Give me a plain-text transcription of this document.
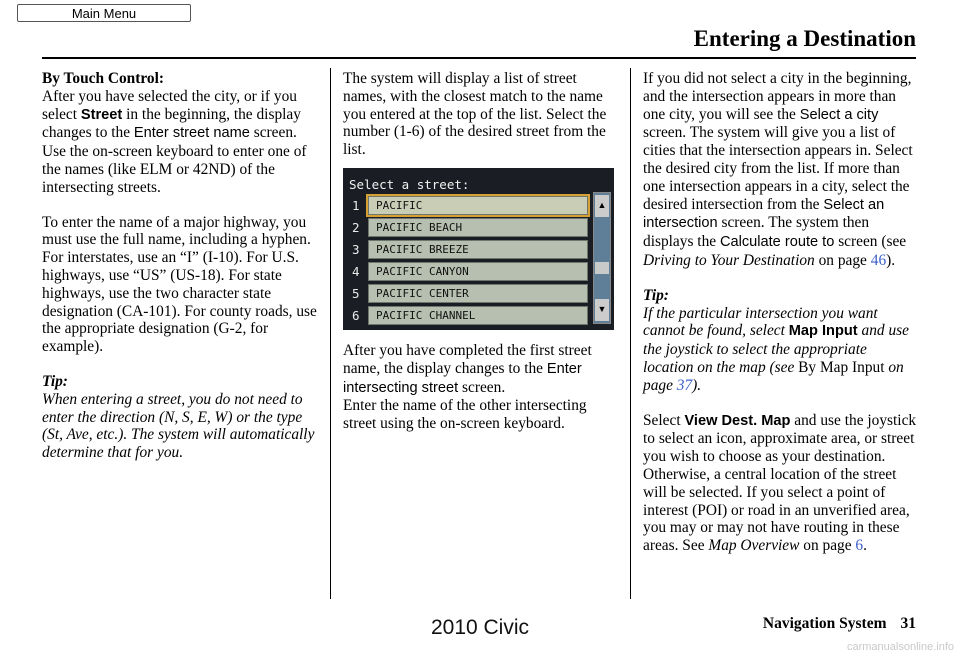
Main Menu
Entering a Destination
By Touch Control:

After you have selected the city, or if you select Street in the beginning, the display changes to the Enter street name screen. Use the on-screen keyboard to enter one of the names (like ELM or 42ND) of the intersecting streets.

To enter the name of a major highway, you must use the full name, including a hyphen. For interstates, use an “I” (I-10). For U.S. highways, use “US” (US-18). For state highways, use the two character state designation (CA-101). For county roads, use the appropriate designation (G-2, for example).

Tip:

When entering a street, you do not need to enter the direction (N, S, E, W) or the type (St, Ave, etc.). The system will automatically determine that for you.

The system will display a list of street names, with the closest match to the name you entered at the top of the list. Select the number (1-6) of the desired street from the list.

Select a street:
1	PACIFIC
2	PACIFIC BEACH
3	PACIFIC BREEZE
4	PACIFIC CANYON
5	PACIFIC CENTER
6	PACIFIC CHANNEL
▲
▼

After you have completed the first street name, the display changes to the Enter intersecting street screen.

Enter the name of the other intersecting street using the on-screen keyboard.

If you did not select a city in the beginning, and the intersection appears in more than one city, you will see the Select a city screen. The system will give you a list of cities that the intersection appears in. Select the desired city from the list. If more than one intersection appears in a city, select the desired intersection from the Select an intersection screen. The system then displays the Calculate route to screen (see Driving to Your Destination on page 46).

Tip:

If the particular intersection you want cannot be found, select Map Input and use the joystick to select the appropriate location on the map (see By Map Input on page 37).

Select View Dest. Map and use the joystick to select an icon, approximate area, or street you wish to choose as your destination. Otherwise, a central location of the street will be selected. If you select a point of interest (POI) or road in an unverified area, you may or may not have routing in these areas. See Map Overview on page 6.

Navigation System 31
2010 Civic
carmanualsonline.info
